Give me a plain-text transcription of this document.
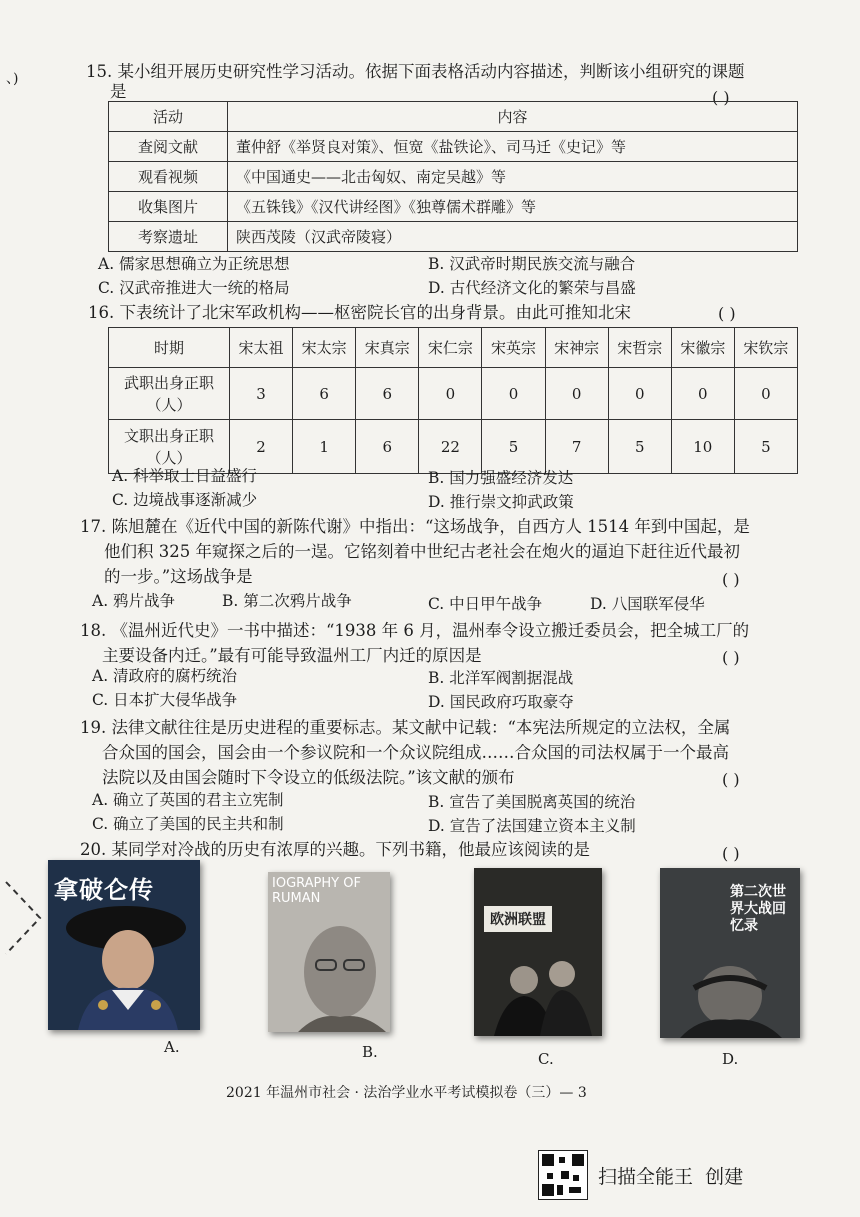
、)	15. 某小组开展历史研究性学习活动。依据下面表格活动内容描述，判断该小组研究的课题
是	( )
活动	内容
查阅文献	董仲舒《举贤良对策》、恒宽《盐铁论》、司马迁《史记》等
观看视频	《中国通史——北击匈奴、南定吴越》等
收集图片	《五铢钱》《汉代讲经图》《独尊儒术群雕》等
考察遗址	陕西茂陵（汉武帝陵寝）
A. 儒家思想确立为正统思想	B. 汉武帝时期民族交流与融合
C. 汉武帝推进大一统的格局	D. 古代经济文化的繁荣与昌盛
16. 下表统计了北宋军政机构——枢密院长官的出身背景。由此可推知北宋	( )
时期	宋太祖	宋太宗	宋真宗	宋仁宗	宋英宗	宋神宗	宋哲宗	宋徽宗	宋钦宗
武职出身正职
（人）	3	6	6	0	0	0	0	0	0
文职出身正职
（人）	2	1	6	22	5	7	5	10	5
A. 科举取士日益盛行	B. 国力强盛经济发达
C. 边境战事逐渐减少	D. 推行崇文抑武政策
17. 陈旭麓在《近代中国的新陈代谢》中指出：“这场战争，自西方人 1514 年到中国起，是
他们积 325 年窥探之后的一逞。它铭刻着中世纪古老社会在炮火的逼迫下赶往近代最初
的一步。”这场战争是	( )
A. 鸦片战争	B. 第二次鸦片战争	C. 中日甲午战争	D. 八国联军侵华
18. 《温州近代史》一书中描述：“1938 年 6 月，温州奉令设立搬迁委员会，把全城工厂的
主要设备内迁。”最有可能导致温州工厂内迁的原因是	( )
A. 清政府的腐朽统治	B. 北洋军阀割据混战
C. 日本扩大侵华战争	D. 国民政府巧取豪夺
19. 法律文献往往是历史进程的重要标志。某文献中记载：“本宪法所规定的立法权，全属
合众国的国会，国会由一个参议院和一个众议院组成……合众国的司法权属于一个最高
法院以及由国会随时下令设立的低级法院。”该文献的颁布	( )
A. 确立了英国的君主立宪制	B. 宣告了美国脱离英国的统治
C. 确立了美国的民主共和制	D. 宣告了法国建立资本主义制
20. 某同学对冷战的历史有浓厚的兴趣。下列书籍，他最应该阅读的是	( )
拿破仑传
A.
IOGRAPHY OF RUMAN
B.
欧洲联盟
C.
第二次世界大战回忆录
D.
2021 年温州市社会 · 法治学业水平考试模拟卷（三）— 3
扫描全能王  创建
